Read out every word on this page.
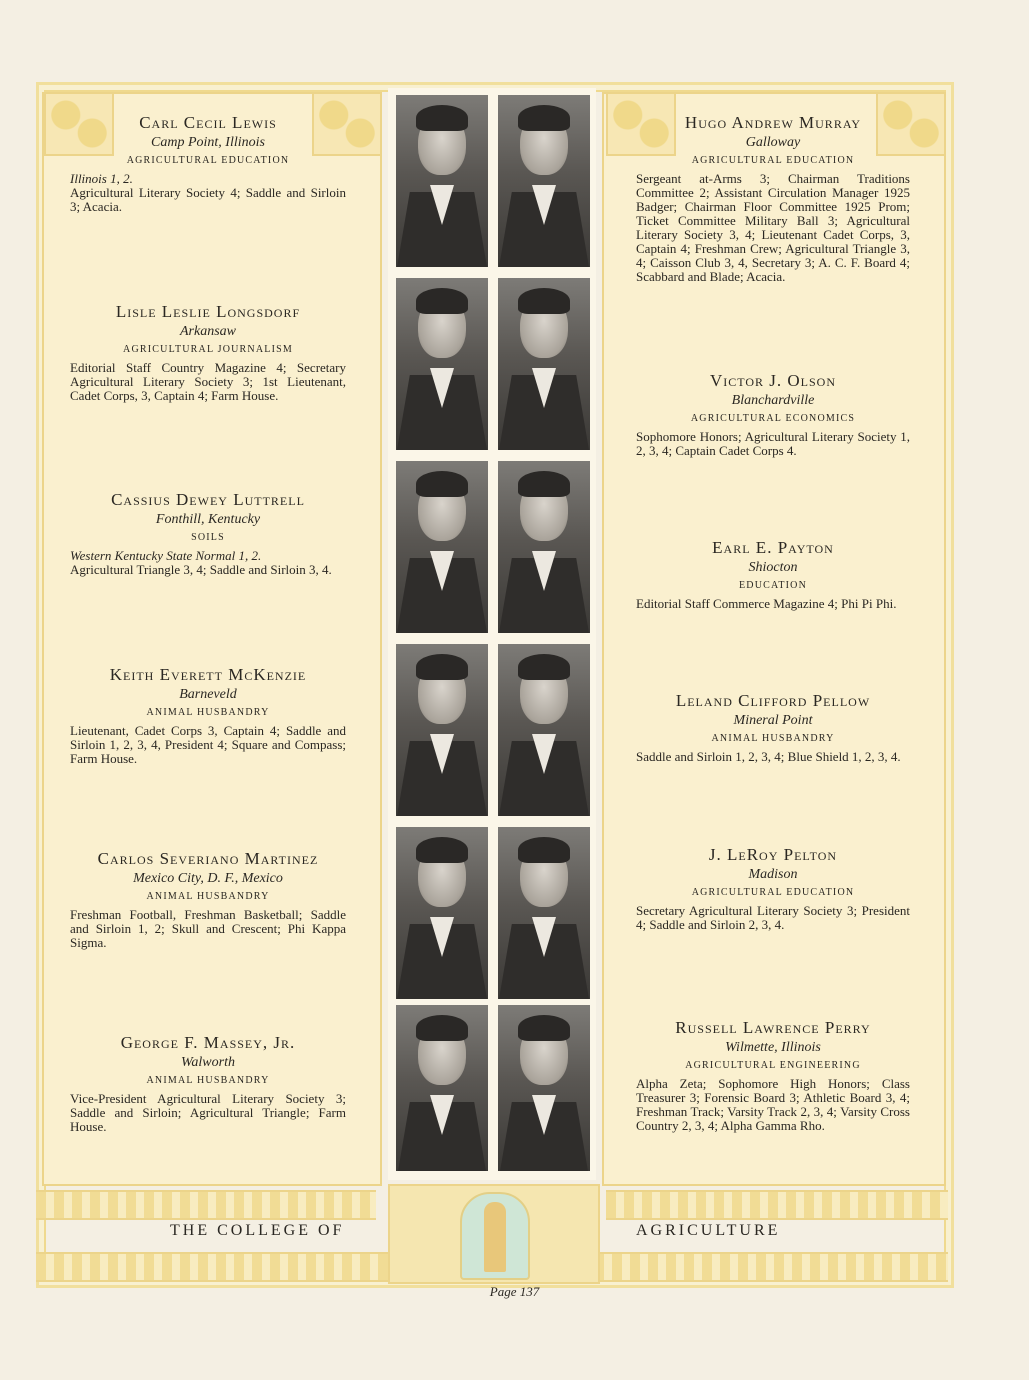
Carl Cecil Lewis
Camp Point, Illinois
AGRICULTURAL EDUCATION
Illinois 1, 2.
Agricultural Literary Society 4; Saddle and Sirloin 3; Acacia.
Lisle Leslie Longsdorf
Arkansaw
AGRICULTURAL JOURNALISM
Editorial Staff Country Magazine 4; Secretary Agricultural Literary Society 3; 1st Lieutenant, Cadet Corps, 3, Captain 4; Farm House.
Cassius Dewey Luttrell
Fonthill, Kentucky
SOILS
Western Kentucky State Normal 1, 2.
Agricultural Triangle 3, 4; Saddle and Sirloin 3, 4.
Keith Everett McKenzie
Barneveld
ANIMAL HUSBANDRY
Lieutenant, Cadet Corps 3, Captain 4; Saddle and Sirloin 1, 2, 3, 4, President 4; Square and Compass; Farm House.
Carlos Severiano Martinez
Mexico City, D. F., Mexico
ANIMAL HUSBANDRY
Freshman Football, Freshman Basketball; Saddle and Sirloin 1, 2; Skull and Crescent; Phi Kappa Sigma.
George F. Massey, Jr.
Walworth
ANIMAL HUSBANDRY
Vice-President Agricultural Literary Society 3; Saddle and Sirloin; Agricultural Triangle; Farm House.
Hugo Andrew Murray
Galloway
AGRICULTURAL EDUCATION
Sergeant at-Arms 3; Chairman Traditions Committee 2; Assistant Circulation Manager 1925 Badger; Chairman Floor Committee 1925 Prom; Ticket Committee Military Ball 3; Agricultural Literary Society 3, 4; Lieutenant Cadet Corps, 3, Captain 4; Freshman Crew; Agricultural Triangle 3, 4; Caisson Club 3, 4, Secretary 3; A. C. F. Board 4; Scabbard and Blade; Acacia.
Victor J. Olson
Blanchardville
AGRICULTURAL ECONOMICS
Sophomore Honors; Agricultural Literary Society 1, 2, 3, 4; Captain Cadet Corps 4.
Earl E. Payton
Shiocton
EDUCATION
Editorial Staff Commerce Magazine 4; Phi Pi Phi.
Leland Clifford Pellow
Mineral Point
ANIMAL HUSBANDRY
Saddle and Sirloin 1, 2, 3, 4; Blue Shield 1, 2, 3, 4.
J. LeRoy Pelton
Madison
AGRICULTURAL EDUCATION
Secretary Agricultural Literary Society 3; President 4; Saddle and Sirloin 2, 3, 4.
Russell Lawrence Perry
Wilmette, Illinois
AGRICULTURAL ENGINEERING
Alpha Zeta; Sophomore High Honors; Class Treasurer 3; Forensic Board 3; Athletic Board 3, 4; Freshman Track; Varsity Track 2, 3, 4; Varsity Cross Country 2, 3, 4; Alpha Gamma Rho.
THE COLLEGE OF	AGRICULTURE
Page 137
